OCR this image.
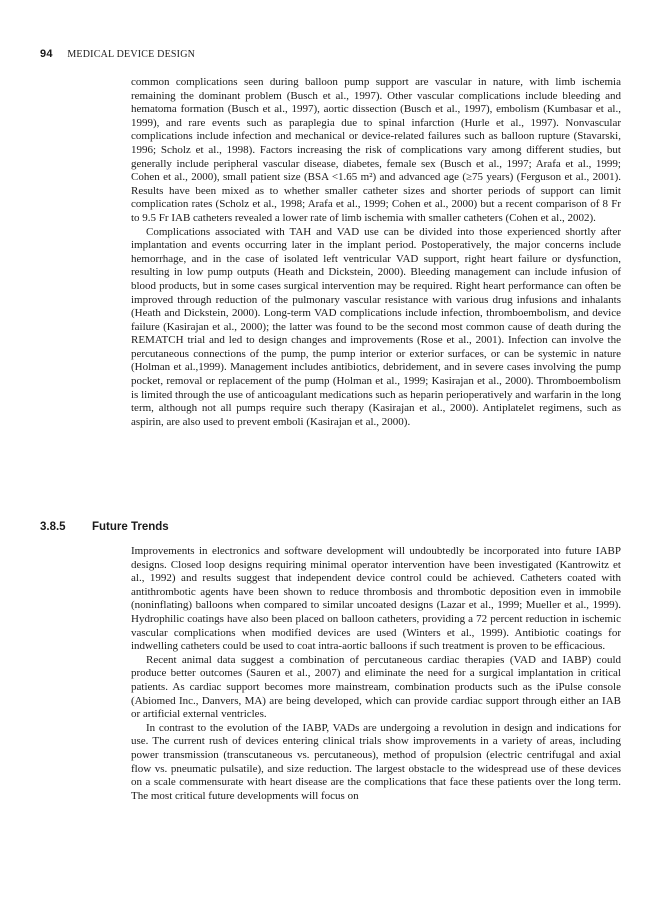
94 MEDICAL DEVICE DESIGN

common complications seen during balloon pump support are vascular in nature, with limb ischemia remaining the dominant problem (Busch et al., 1997). Other vascular complications include bleeding and hematoma formation (Busch et al., 1997), aortic dissection (Busch et al., 1997), embolism (Kumbasar et al., 1999), and rare events such as paraplegia due to spinal infarction (Hurle et al., 1997). Nonvascular complications include infection and mechanical or device-related failures such as balloon rupture (Stavarski, 1996; Scholz et al., 1998). Factors increasing the risk of complications vary among different studies, but generally include peripheral vascular disease, diabetes, female sex (Busch et al., 1997; Arafa et al., 1999; Cohen et al., 2000), small patient size (BSA <1.65 m²) and advanced age (≥75 years) (Ferguson et al., 2001). Results have been mixed as to whether smaller catheter sizes and shorter periods of support can limit complication rates (Scholz et al., 1998; Arafa et al., 1999; Cohen et al., 2000) but a recent comparison of 8 Fr to 9.5 Fr IAB catheters revealed a lower rate of limb ischemia with smaller catheters (Cohen et al., 2002).

Complications associated with TAH and VAD use can be divided into those experienced shortly after implantation and events occurring later in the implant period. Postoperatively, the major concerns include hemorrhage, and in the case of isolated left ventricular VAD support, right heart failure or dysfunction, resulting in low pump outputs (Heath and Dickstein, 2000). Bleeding management can include infusion of blood products, but in some cases surgical intervention may be required. Right heart performance can often be improved through reduction of the pulmonary vascular resistance with various drug infusions and inhalants (Heath and Dickstein, 2000). Long-term VAD complications include infection, thromboembolism, and device failure (Kasirajan et al., 2000); the latter was found to be the second most common cause of death during the REMATCH trial and led to design changes and improvements (Rose et al., 2001). Infection can involve the percutaneous connections of the pump, the pump interior or exterior surfaces, or can be systemic in nature (Holman et al.,1999). Management includes antibiotics, debridement, and in severe cases involving the pump pocket, removal or replacement of the pump (Holman et al., 1999; Kasirajan et al., 2000). Thromboembolism is limited through the use of anticoagulant medications such as heparin perioperatively and warfarin in the long term, although not all pumps require such therapy (Kasirajan et al., 2000). Antiplatelet regimens, such as aspirin, are also used to prevent emboli (Kasirajan et al., 2000).

3.8.5 Future Trends

Improvements in electronics and software development will undoubtedly be incorporated into future IABP designs. Closed loop designs requiring minimal operator intervention have been investigated (Kantrowitz et al., 1992) and results suggest that independent device control could be achieved. Catheters coated with antithrombotic agents have been shown to reduce thrombosis and thrombotic deposition even in immobile (noninflating) balloons when compared to similar uncoated designs (Lazar et al., 1999; Mueller et al., 1999). Hydrophilic coatings have also been placed on balloon catheters, providing a 72 percent reduction in ischemic vascular complications when modified devices are used (Winters et al., 1999). Antibiotic coatings for indwelling catheters could be used to coat intra-aortic balloons if such treatment is proven to be efficacious.

Recent animal data suggest a combination of percutaneous cardiac therapies (VAD and IABP) could produce better outcomes (Sauren et al., 2007) and eliminate the need for a surgical implantation in critical patients. As cardiac support becomes more mainstream, combination products such as the iPulse console (Abiomed Inc., Danvers, MA) are being developed, which can provide cardiac support through either an IAB or artificial external ventricles.

In contrast to the evolution of the IABP, VADs are undergoing a revolution in design and indications for use. The current rush of devices entering clinical trials show improvements in a variety of areas, including power transmission (transcutaneous vs. percutaneous), method of propulsion (electric centrifugal and axial flow vs. pneumatic pulsatile), and size reduction. The largest obstacle to the widespread use of these devices on a scale commensurate with heart disease are the complications that face these patients over the long term. The most critical future developments will focus on
